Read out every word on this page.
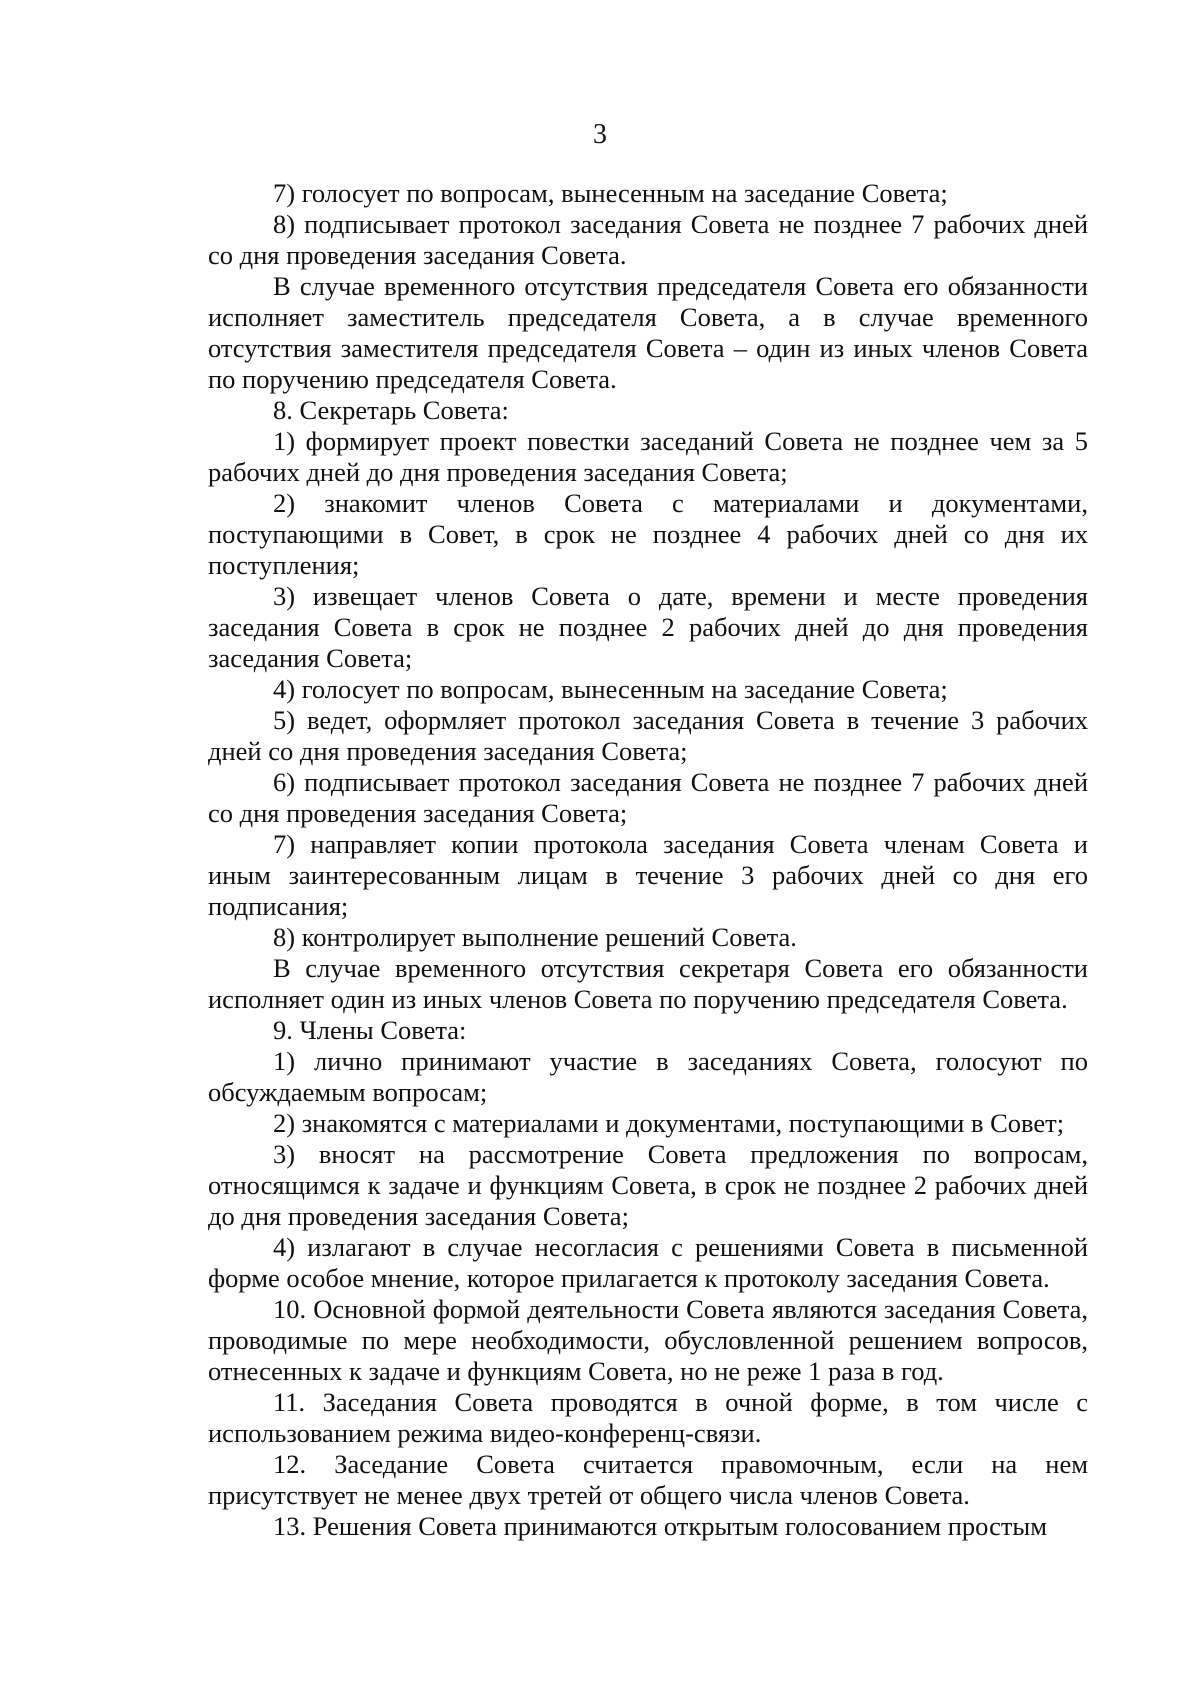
3

7) голосует по вопросам, вынесенным на заседание Совета;

8) подписывает протокол заседания Совета не позднее 7 рабочих дней со дня проведения заседания Совета.

В случае временного отсутствия председателя Совета его обязанности исполняет заместитель председателя Совета, а в случае временного отсутствия заместителя председателя Совета – один из иных членов Совета по поручению председателя Совета.

8. Секретарь Совета:

1) формирует проект повестки заседаний Совета не позднее чем за 5 рабочих дней до дня проведения заседания Совета;

2) знакомит членов Совета с материалами и документами, поступающими в Совет, в срок не позднее 4 рабочих дней со дня их поступления;

3) извещает членов Совета о дате, времени и месте проведения заседания Совета в срок не позднее 2 рабочих дней до дня проведения заседания Совета;

4) голосует по вопросам, вынесенным на заседание Совета;

5) ведет, оформляет протокол заседания Совета в течение 3 рабочих дней со дня проведения заседания Совета;

6) подписывает протокол заседания Совета не позднее 7 рабочих дней со дня проведения заседания Совета;

7) направляет копии протокола заседания Совета членам Совета и иным заинтересованным лицам в течение 3 рабочих дней со дня его подписания;

8) контролирует выполнение решений Совета.

В случае временного отсутствия секретаря Совета его обязанности исполняет один из иных членов Совета по поручению председателя Совета.

9. Члены Совета:

1) лично принимают участие в заседаниях Совета, голосуют по обсуждаемым вопросам;

2) знакомятся с материалами и документами, поступающими в Совет;

3) вносят на рассмотрение Совета предложения по вопросам, относящимся к задаче и функциям Совета, в срок не позднее 2 рабочих дней до дня проведения заседания Совета;

4) излагают в случае несогласия с решениями Совета в письменной форме особое мнение, которое прилагается к протоколу заседания Совета.

10. Основной формой деятельности Совета являются заседания Совета, проводимые по мере необходимости, обусловленной решением вопросов, отнесенных к задаче и функциям Совета, но не реже 1 раза в год.

11. Заседания Совета проводятся в очной форме, в том числе с использованием режима видео-конференц-связи.

12. Заседание Совета считается правомочным, если на нем присутствует не менее двух третей от общего числа членов Совета.

13. Решения Совета принимаются открытым голосованием простым
